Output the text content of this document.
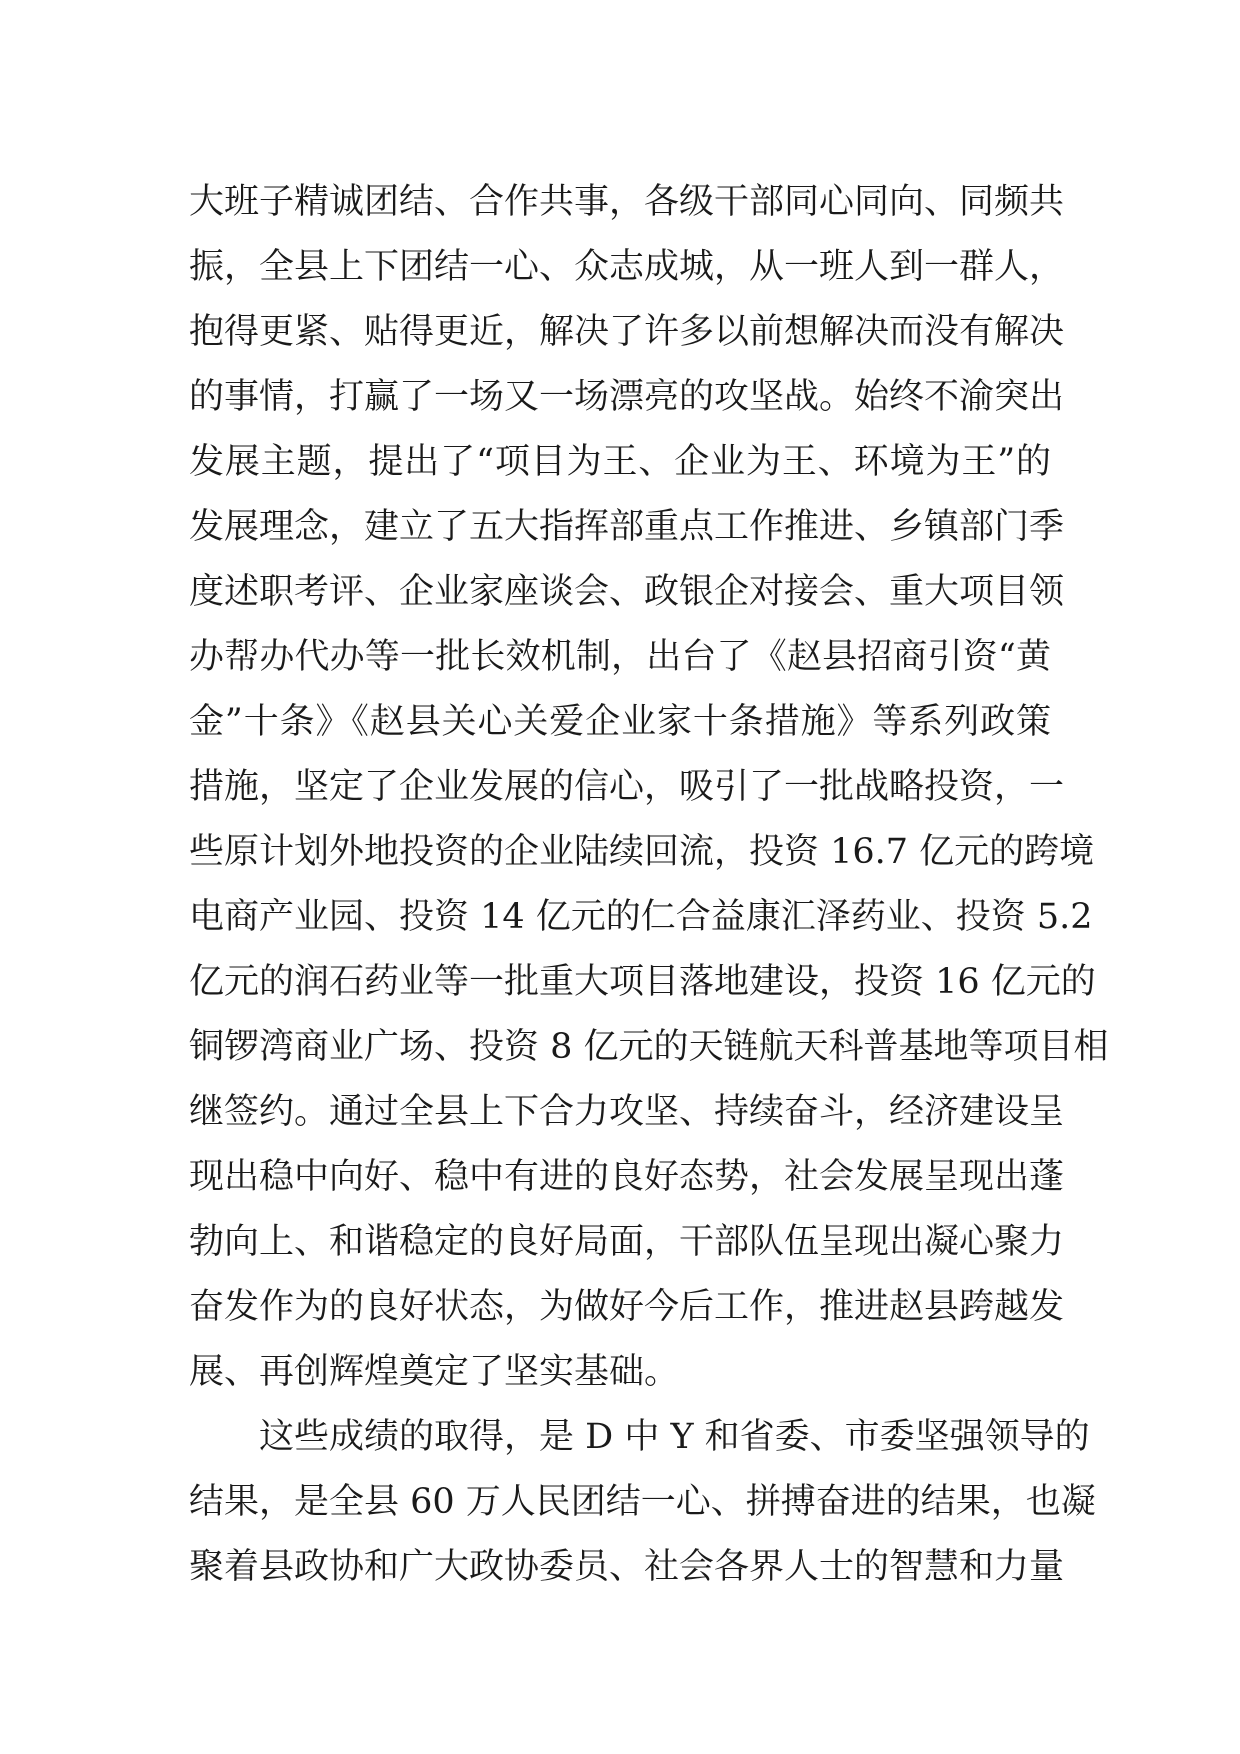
大班子精诚团结、合作共事，各级干部同心同向、同频共
振，全县上下团结一心、众志成城，从一班人到一群人，
抱得更紧、贴得更近，解决了许多以前想解决而没有解决
的事情，打赢了一场又一场漂亮的攻坚战。始终不渝突出
发展主题，提出了“项目为王、企业为王、环境为王”的
发展理念，建立了五大指挥部重点工作推进、乡镇部门季
度述职考评、企业家座谈会、政银企对接会、重大项目领
办帮办代办等一批长效机制，出台了《赵县招商引资“黄
金”十条》《赵县关心关爱企业家十条措施》等系列政策
措施，坚定了企业发展的信心，吸引了一批战略投资，一
些原计划外地投资的企业陆续回流，投资 16.7 亿元的跨境
电商产业园、投资 14 亿元的仁合益康汇泽药业、投资 5.2
亿元的润石药业等一批重大项目落地建设，投资 16 亿元的
铜锣湾商业广场、投资 8 亿元的天链航天科普基地等项目相
继签约。通过全县上下合力攻坚、持续奋斗，经济建设呈
现出稳中向好、稳中有进的良好态势，社会发展呈现出蓬
勃向上、和谐稳定的良好局面，干部队伍呈现出凝心聚力
奋发作为的良好状态，为做好今后工作，推进赵县跨越发
展、再创辉煌奠定了坚实基础。
这些成绩的取得，是 D 中 Y 和省委、市委坚强领导的
结果，是全县 60 万人民团结一心、拼搏奋进的结果，也凝
聚着县政协和广大政协委员、社会各界人士的智慧和力量
